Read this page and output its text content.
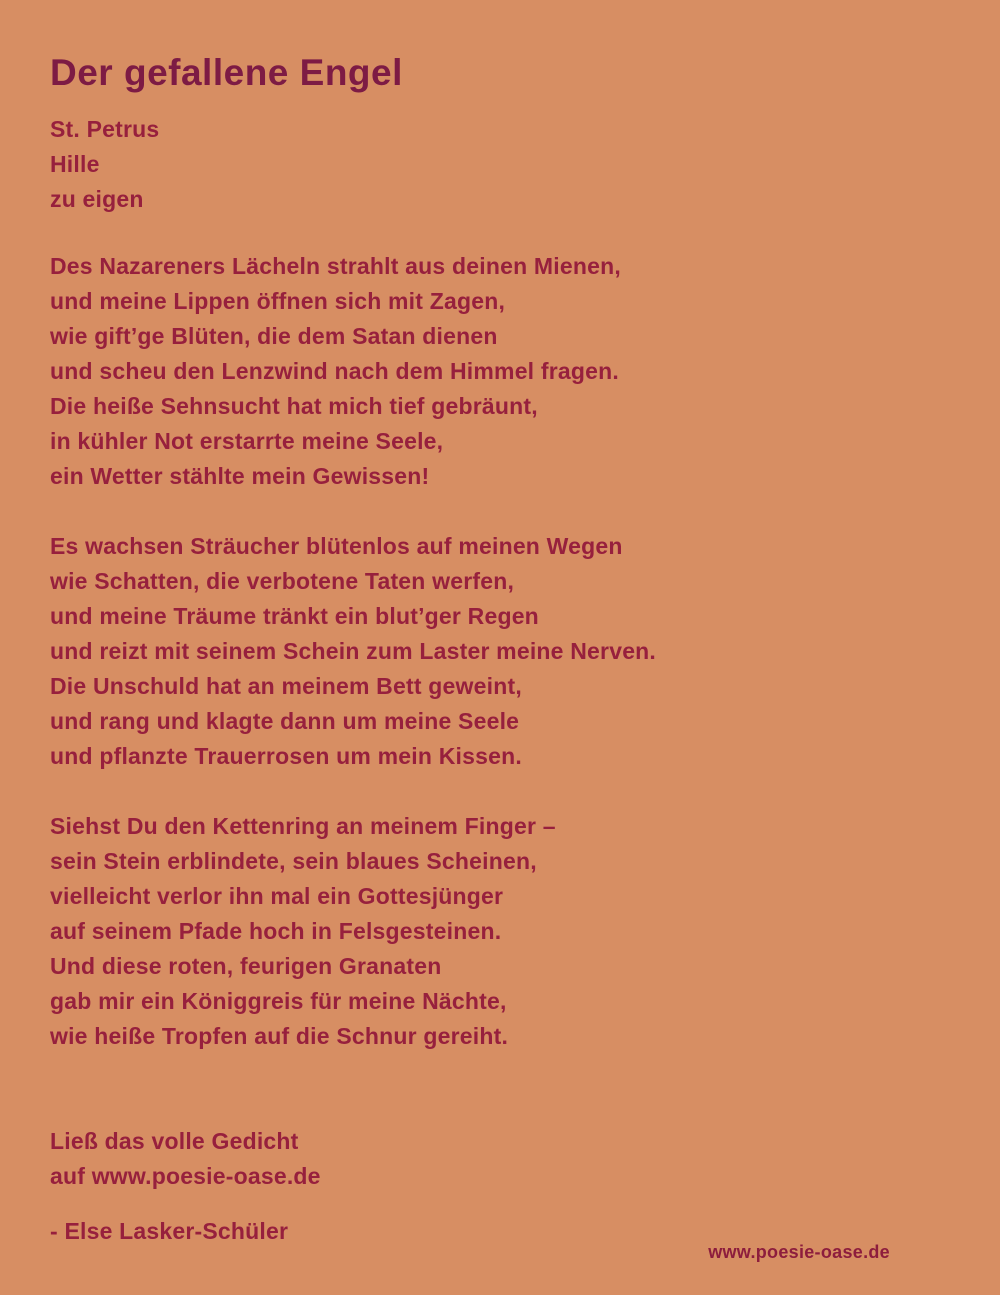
Der gefallene Engel
St. Petrus
Hille
zu eigen
Des Nazareners Lächeln strahlt aus deinen Mienen,
und meine Lippen öffnen sich mit Zagen,
wie gift’ge Blüten, die dem Satan dienen
und scheu den Lenzwind nach dem Himmel fragen.
Die heiße Sehnsucht hat mich tief gebräunt,
in kühler Not erstarrte meine Seele,
ein Wetter stählte mein Gewissen!
Es wachsen Sträucher blütenlos auf meinen Wegen
wie Schatten, die verbotene Taten werfen,
und meine Träume tränkt ein blut’ger Regen
und reizt mit seinem Schein zum Laster meine Nerven.
Die Unschuld hat an meinem Bett geweint,
und rang und klagte dann um meine Seele
und pflanzte Trauerrosen um mein Kissen.
Siehst Du den Kettenring an meinem Finger –
sein Stein erblindete, sein blaues Scheinen,
vielleicht verlor ihn mal ein Gottesjünger
auf seinem Pfade hoch in Felsgesteinen.
Und diese roten, feurigen Granaten
gab mir ein Königgreis für meine Nächte,
wie heiße Tropfen auf die Schnur gereiht.
Ließ das volle Gedicht
auf www.poesie-oase.de
- Else Lasker-Schüler
www.poesie-oase.de
